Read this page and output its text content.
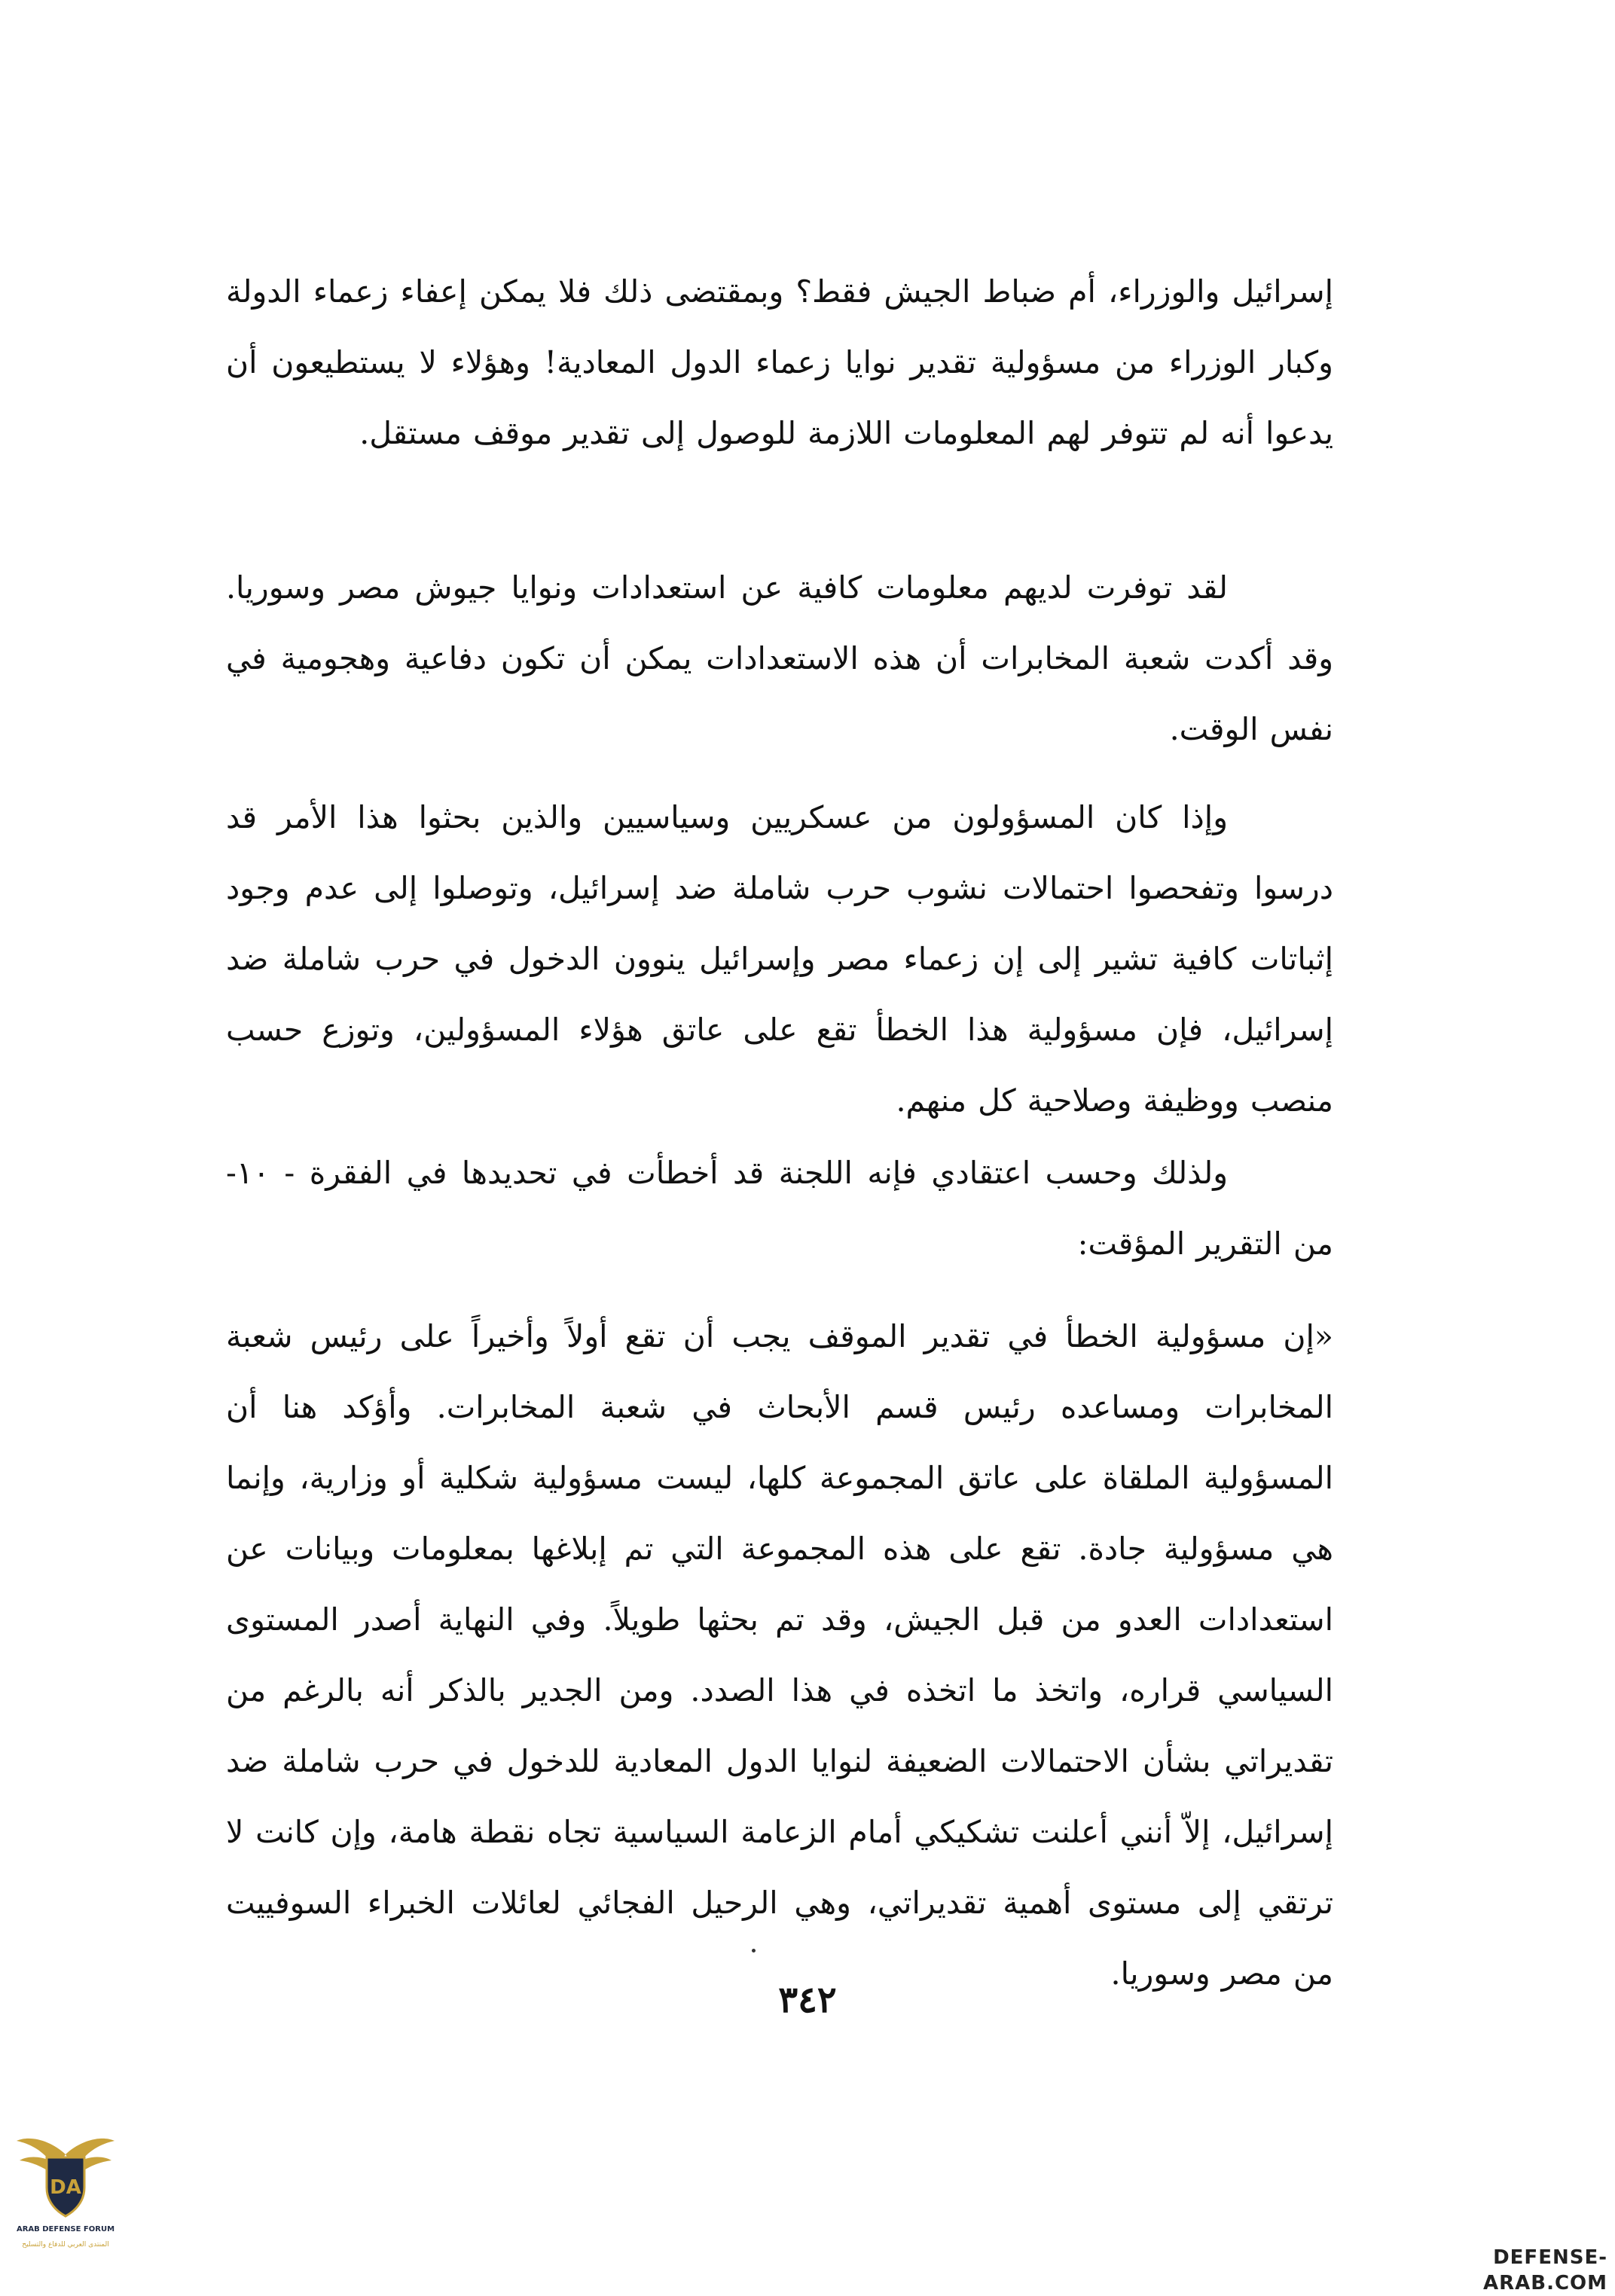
إسرائيل والوزراء، أم ضباط الجيش فقط؟ وبمقتضى ذلك فلا يمكن إعفاء زعماء الدولة وكبار الوزراء من مسؤولية تقدير نوايا زعماء الدول المعادية! وهؤلاء لا يستطيعون أن يدعوا أنه لم تتوفر لهم المعلومات اللازمة للوصول إلى تقدير موقف مستقل.

لقد توفرت لديهم معلومات كافية عن استعدادات ونوايا جيوش مصر وسوريا. وقد أكدت شعبة المخابرات أن هذه الاستعدادات يمكن أن تكون دفاعية وهجومية في نفس الوقت.

وإذا كان المسؤولون من عسكريين وسياسيين والذين بحثوا هذا الأمر قد درسوا وتفحصوا احتمالات نشوب حرب شاملة ضد إسرائيل، وتوصلوا إلى عدم وجود إثباتات كافية تشير إلى إن زعماء مصر وإسرائيل ينوون الدخول في حرب شاملة ضد إسرائيل، فإن مسؤولية هذا الخطأ تقع على عاتق هؤلاء المسؤولين، وتوزع حسب منصب ووظيفة وصلاحية كل منهم.

ولذلك وحسب اعتقادي فإنه اللجنة قد أخطأت في تحديدها في الفقرة - ١٠- من التقرير المؤقت:

«إن مسؤولية الخطأ في تقدير الموقف يجب أن تقع أولاً وأخيراً على رئيس شعبة المخابرات ومساعده رئيس قسم الأبحاث في شعبة المخابرات. وأؤكد هنا أن المسؤولية الملقاة على عاتق المجموعة كلها، ليست مسؤولية شكلية أو وزارية، وإنما هي مسؤولية جادة. تقع على هذه المجموعة التي تم إبلاغها بمعلومات وبيانات عن استعدادات العدو من قبل الجيش، وقد تم بحثها طويلاً. وفي النهاية أصدر المستوى السياسي قراره، واتخذ ما اتخذه في هذا الصدد. ومن الجدير بالذكر أنه بالرغم من تقديراتي بشأن الاحتمالات الضعيفة لنوايا الدول المعادية للدخول في حرب شاملة ضد إسرائيل، إلاّ أنني أعلنت تشكيكي أمام الزعامة السياسية تجاه نقطة هامة، وإن كانت لا ترتقي إلى مستوى أهمية تقديراتي، وهي الرحيل الفجائي لعائلات الخبراء السوفييت من مصر وسوريا.

٣٤٢
DA
ARAB DEFENSE FORUM
المنتدى العربي للدفاع والتسليح
DEFENSE-ARAB.COM
